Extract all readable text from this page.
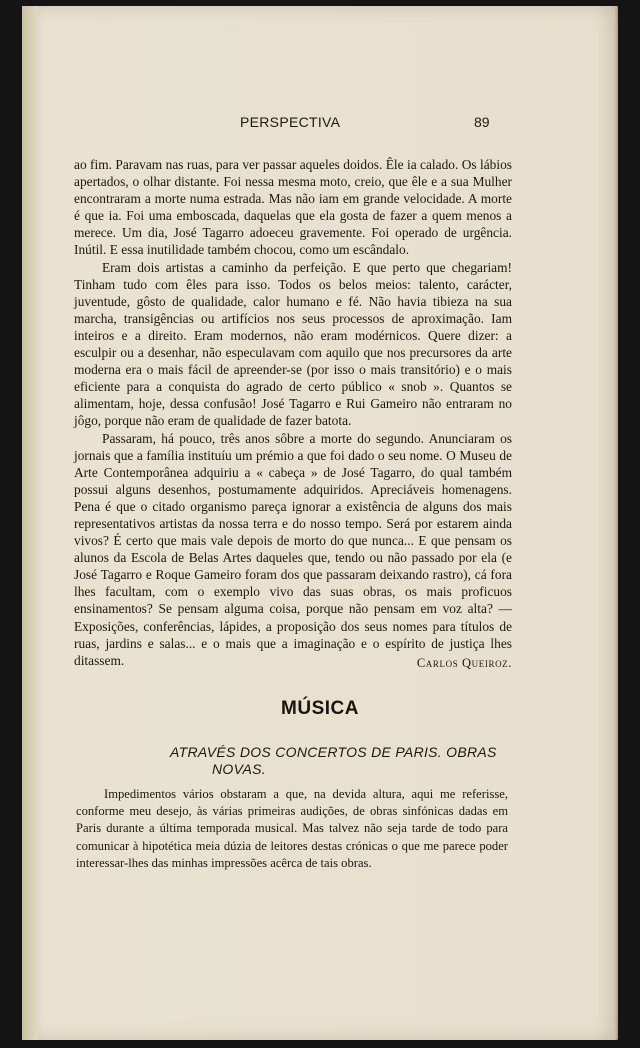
PERSPECTIVA	89

ao fim. Paravam nas ruas, para ver passar aqueles doidos. Êle ia calado. Os lábios apertados, o olhar distante. Foi nessa mesma moto, creio, que êle e a sua Mulher encontraram a morte numa estrada. Mas não iam em grande velocidade. A morte é que ia. Foi uma emboscada, daquelas que ela gosta de fazer a quem menos a merece. Um dia, José Tagarro adoeceu gravemente. Foi operado de urgência. Inútil. E essa inutilidade também chocou, como um escândalo.

Eram dois artistas a caminho da perfeição. E que perto que chegariam! Tinham tudo com êles para isso. Todos os belos meios: talento, carácter, juventude, gôsto de qualidade, calor humano e fé. Não havia tibieza na sua marcha, transigências ou artifícios nos seus processos de aproximação. Iam inteiros e a direito. Eram modernos, não eram modérnicos. Quere dizer: a esculpir ou a desenhar, não especulavam com aquilo que nos precursores da arte moderna era o mais fácil de apreender-se (por isso o mais transitório) e o mais eficiente para a conquista do agrado de certo público « snob ». Quantos se alimentam, hoje, dessa confusão! José Tagarro e Rui Gameiro não entraram no jôgo, porque não eram de qualidade de fazer batota.

Passaram, há pouco, três anos sôbre a morte do segundo. Anunciaram os jornais que a família instituíu um prémio a que foi dado o seu nome. O Museu de Arte Contemporânea adquiriu a « cabeça » de José Tagarro, do qual também possui alguns desenhos, postumamente adquiridos. Apreciáveis homenagens. Pena é que o citado organismo pareça ignorar a existência de alguns dos mais representativos artistas da nossa terra e do nosso tempo. Será por estarem ainda vivos? É certo que mais vale depois de morto do que nunca... E que pensam os alunos da Escola de Belas Artes daqueles que, tendo ou não passado por ela (e José Tagarro e Roque Gameiro foram dos que passaram deixando rastro), cá fora lhes facultam, com o exemplo vivo das suas obras, os mais proficuos ensinamentos? Se pensam alguma coisa, porque não pensam em voz alta? — Exposições, conferências, lápides, a proposição dos seus nomes para títulos de ruas, jardins e salas... e o mais que a imaginação e o espírito de justiça lhes ditassem.	Carlos Queiroz.
MÚSICA
ATRAVÉS DOS CONCERTOS DE PARIS. OBRAS
NOVAS.

Impedimentos vários obstaram a que, na devida altura, aqui me referisse, conforme meu desejo, às várias primeiras audições, de obras sinfónicas dadas em Paris durante a última temporada musical. Mas talvez não seja tarde de todo para comunicar à hipotética meia dúzia de leitores destas crónicas o que me parece poder interessar-lhes das minhas impressões acêrca de tais obras.
